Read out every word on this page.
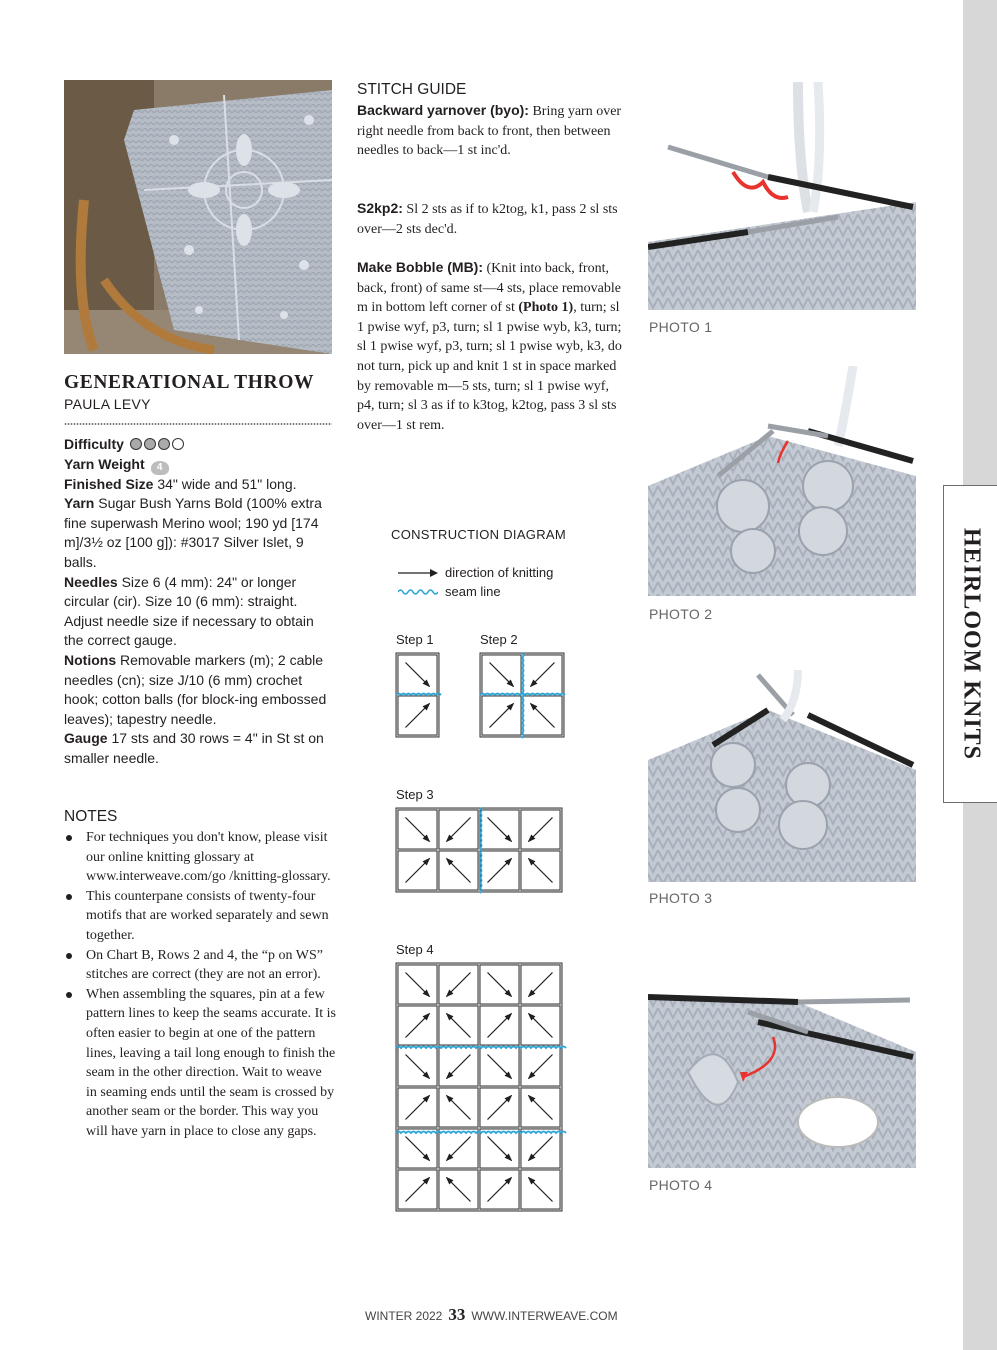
HEIRLOOM KNITS
GENERATIONAL THROW
PAULA LEVY
Difficulty
Yarn Weight 4
Finished Size 34" wide and 51" long.
Yarn Sugar Bush Yarns Bold (100% extra fine superwash Merino wool; 190 yd [174 m]/3½ oz [100 g]): #3017 Silver Islet, 9 balls.
Needles Size 6 (4 mm): 24" or longer circular (cir). Size 10 (6 mm): straight. Adjust needle size if necessary to obtain the correct gauge.
Notions Removable markers (m); 2 cable needles (cn); size J/10 (6 mm) crochet hook; cotton balls (for block-ing embossed leaves); tapestry needle.
Gauge 17 sts and 30 rows = 4" in St st on smaller needle.
NOTES
For techniques you don't know, please visit our online knitting glossary at www.interweave.com/go /knitting-glossary.
This counterpane consists of twenty-four motifs that are worked separately and sewn together.
On Chart B, Rows 2 and 4, the “p on WS” stitches are correct (they are not an error).
When assembling the squares, pin at a few pattern lines to keep the seams accurate. It is often easier to begin at one of the pattern lines, leaving a tail long enough to finish the seam in the other direction. Wait to weave in seaming ends until the seam is crossed by another seam or the border. This way you will have yarn in place to close any gaps.
STITCH GUIDE
Backward yarnover (byo): Bring yarn over right needle from back to front, then between needles to back—1 st inc'd.
S2kp2: Sl 2 sts as if to k2tog, k1, pass 2 sl sts over—2 sts dec'd.
Make Bobble (MB): (Knit into back, front, back, front) of same st—4 sts, place removable m in bottom left corner of st (Photo 1), turn; sl 1 pwise wyf, p3, turn; sl 1 pwise wyb, k3, turn; sl 1 pwise wyf, p3, turn; sl 1 pwise wyb, k3, do not turn, pick up and knit 1 st in space marked by removable m—5 sts, turn; sl 1 pwise wyf, p4, turn; sl 3 as if to k3tog, k2tog, pass 3 sl sts over—1 st rem.
CONSTRUCTION DIAGRAM
direction of knitting
seam line
Step 1	Step 2
Step 3
Step 4
PHOTO 1
PHOTO 2
PHOTO 3
PHOTO 4
WINTER 2022 33 WWW.INTERWEAVE.COM
